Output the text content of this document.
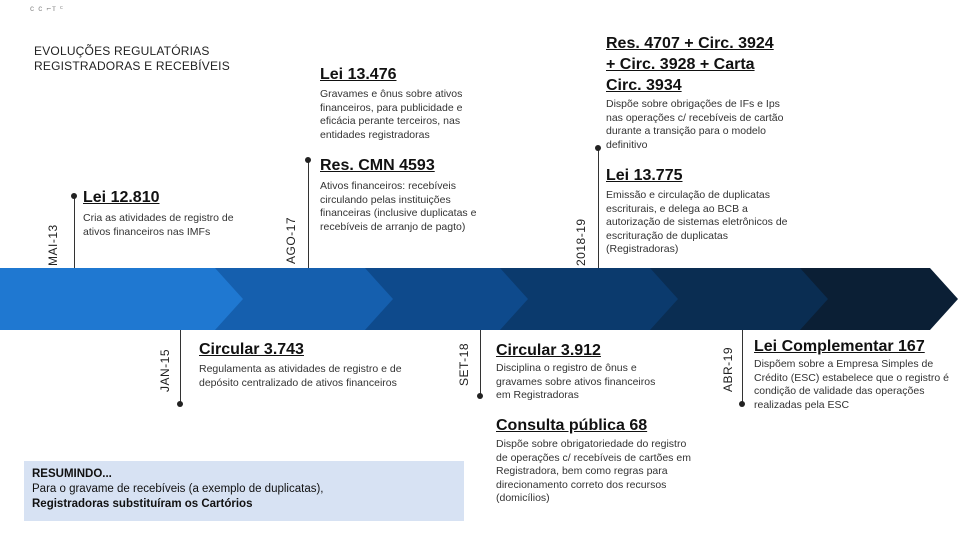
ᴄ ᴄ ⌐ᴛ ᶜ
EVOLUÇÕES REGULATÓRIAS
REGISTRADORAS E RECEBÍVEIS
MAI-13
Lei 12.810
Cria as atividades de registro de ativos financeiros nas IMFs
JAN-15 Circular 3.743
Regulamenta as atividades de registro e de depósito centralizado de ativos financeiros
AGO-17
Lei 13.476
Gravames e ônus sobre ativos financeiros, para publicidade e eficácia perante terceiros, nas entidades registradoras
Res. CMN 4593
Ativos financeiros: recebíveis circulando pelas instituições financeiras (inclusive duplicatas e recebíveis de arranjo de pagto)
SET-18 Circular 3.912
Disciplina o registro de ônus e gravames sobre ativos financeiros em Registradoras
Consulta pública 68
Dispõe sobre obrigatoriedade do registro de operações c/ recebíveis de cartões em Registradora, bem como regras para direcionamento correto dos recursos (domicílios)
2018-19
Res. 4707 + Circ. 3924 + Circ. 3928 + Carta Circ. 3934
Dispõe sobre obrigações de IFs e Ips nas operações c/ recebíveis de cartão durante a transição para o modelo definitivo
Lei 13.775
Emissão e circulação de duplicatas escriturais, e delega ao BCB a autorização de sistemas eletrônicos de escrituração de duplicatas (Registradoras)
ABR-19
Lei Complementar 167
Dispõem sobre a Empresa Simples de Crédito (ESC) estabelece que o registro é condição de validade das operações realizadas pela ESC
RESUMINDO...
Para o gravame de recebíveis (a exemplo de duplicatas),
Registradoras substituíram os Cartórios
